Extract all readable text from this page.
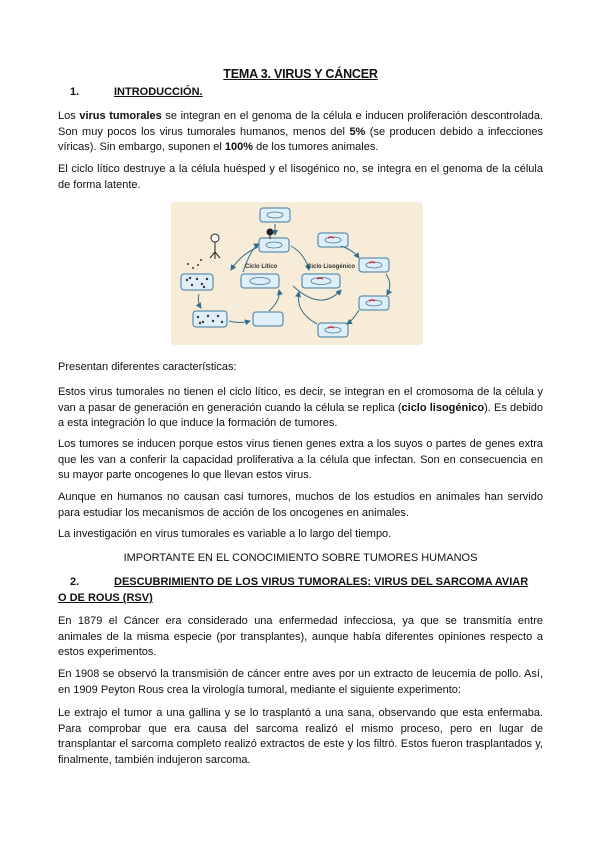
TEMA 3. VIRUS Y CÁNCER
1.	INTRODUCCIÓN.

Los virus tumorales se integran en el genoma de la célula e inducen proliferación descontrolada. Son muy pocos los virus tumorales humanos, menos del 5% (se producen debido a infecciones víricas). Sin embargo, suponen el 100% de los tumores animales.

El ciclo lítico destruye a la célula huésped y el lisogénico no, se integra en el genoma de la célula de forma latente.

Ciclo Lítico	Ciclo Lisogénico

Presentan diferentes características:

Estos virus tumorales no tienen el ciclo lítico, es decir, se integran en el cromosoma de la célula y van a pasar de generación en generación cuando la célula se replica (ciclo lisogénico). Es debido a esta integración lo que induce la formación de tumores.

Los tumores se inducen porque estos virus tienen genes extra a los suyos o partes de genes extra que les van a conferir la capacidad proliferativa a la célula que infectan. Son en consecuencia en su mayor parte oncogenes lo que llevan estos virus.

Aunque en humanos no causan casi tumores, muchos de los estudios en animales han servido para estudiar los mecanismos de acción de los oncogenes en animales.

La investigación en virus tumorales es variable a lo largo del tiempo.

IMPORTANTE EN EL CONOCIMIENTO SOBRE TUMORES HUMANOS
2.	DESCUBRIMIENTO DE LOS VIRUS TUMORALES: VIRUS DEL SARCOMA AVIAR
O DE ROUS (RSV)

En 1879 el Cáncer era considerado una enfermedad infecciosa, ya que se transmitía entre animales de la misma especie (por transplantes), aunque había diferentes opiniones respecto a estos experimentos.

En 1908 se observó la transmisión de cáncer entre aves por un extracto de leucemia de pollo. Así, en 1909 Peyton Rous crea la virología tumoral, mediante el siguiente experimento:

Le extrajo el tumor a una gallina y se lo trasplantó a una sana, observando que esta enfermaba. Para comprobar que era causa del sarcoma realizó el mismo proceso, pero en lugar de transplantar el sarcoma completo realizó extractos de este y los filtró. Estos fueron trasplantados y, finalmente, también indujeron sarcoma.
